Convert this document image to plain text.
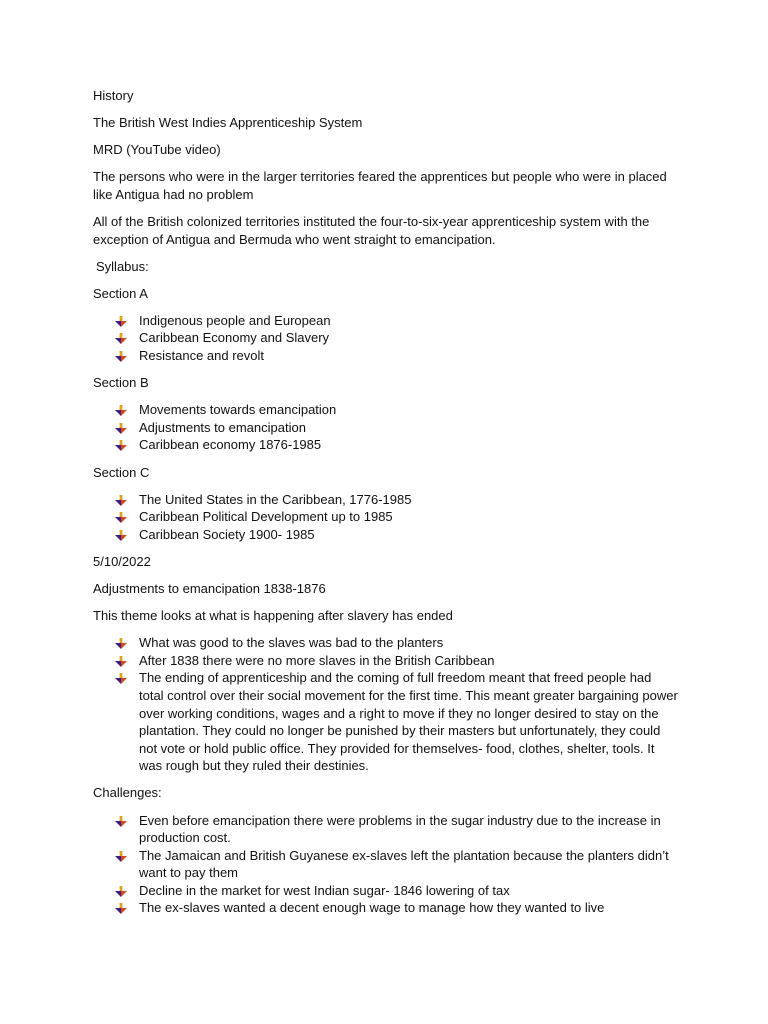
History

The British West Indies Apprenticeship System

MRD (YouTube video)

The persons who were in the larger territories feared the apprentices but people who were in placed like Antigua had no problem

All of the British colonized territories instituted the four-to-six-year apprenticeship system with the exception of Antigua and Bermuda who went straight to emancipation.

Syllabus:

Section A

Indigenous people and European
Caribbean Economy and Slavery
Resistance and revolt

Section B

Movements towards emancipation
Adjustments to emancipation
Caribbean economy 1876-1985

Section C

The United States in the Caribbean, 1776-1985
Caribbean Political Development up to 1985
Caribbean Society 1900- 1985

5/10/2022

Adjustments to emancipation 1838-1876

This theme looks at what is happening after slavery has ended

What was good to the slaves was bad to the planters
After 1838 there were no more slaves in the British Caribbean
The ending of apprenticeship and the coming of full freedom meant that freed people had total control over their social movement for the first time. This meant greater bargaining power over working conditions, wages and a right to move if they no longer desired to stay on the plantation. They could no longer be punished by their masters but unfortunately, they could not vote or hold public office. They provided for themselves- food, clothes, shelter, tools. It was rough but they ruled their destinies.

Challenges:

Even before emancipation there were problems in the sugar industry due to the increase in production cost.
The Jamaican and British Guyanese ex-slaves left the plantation because the planters didn’t want to pay them
Decline in the market for west Indian sugar- 1846 lowering of tax
The ex-slaves wanted a decent enough wage to manage how they wanted to live
